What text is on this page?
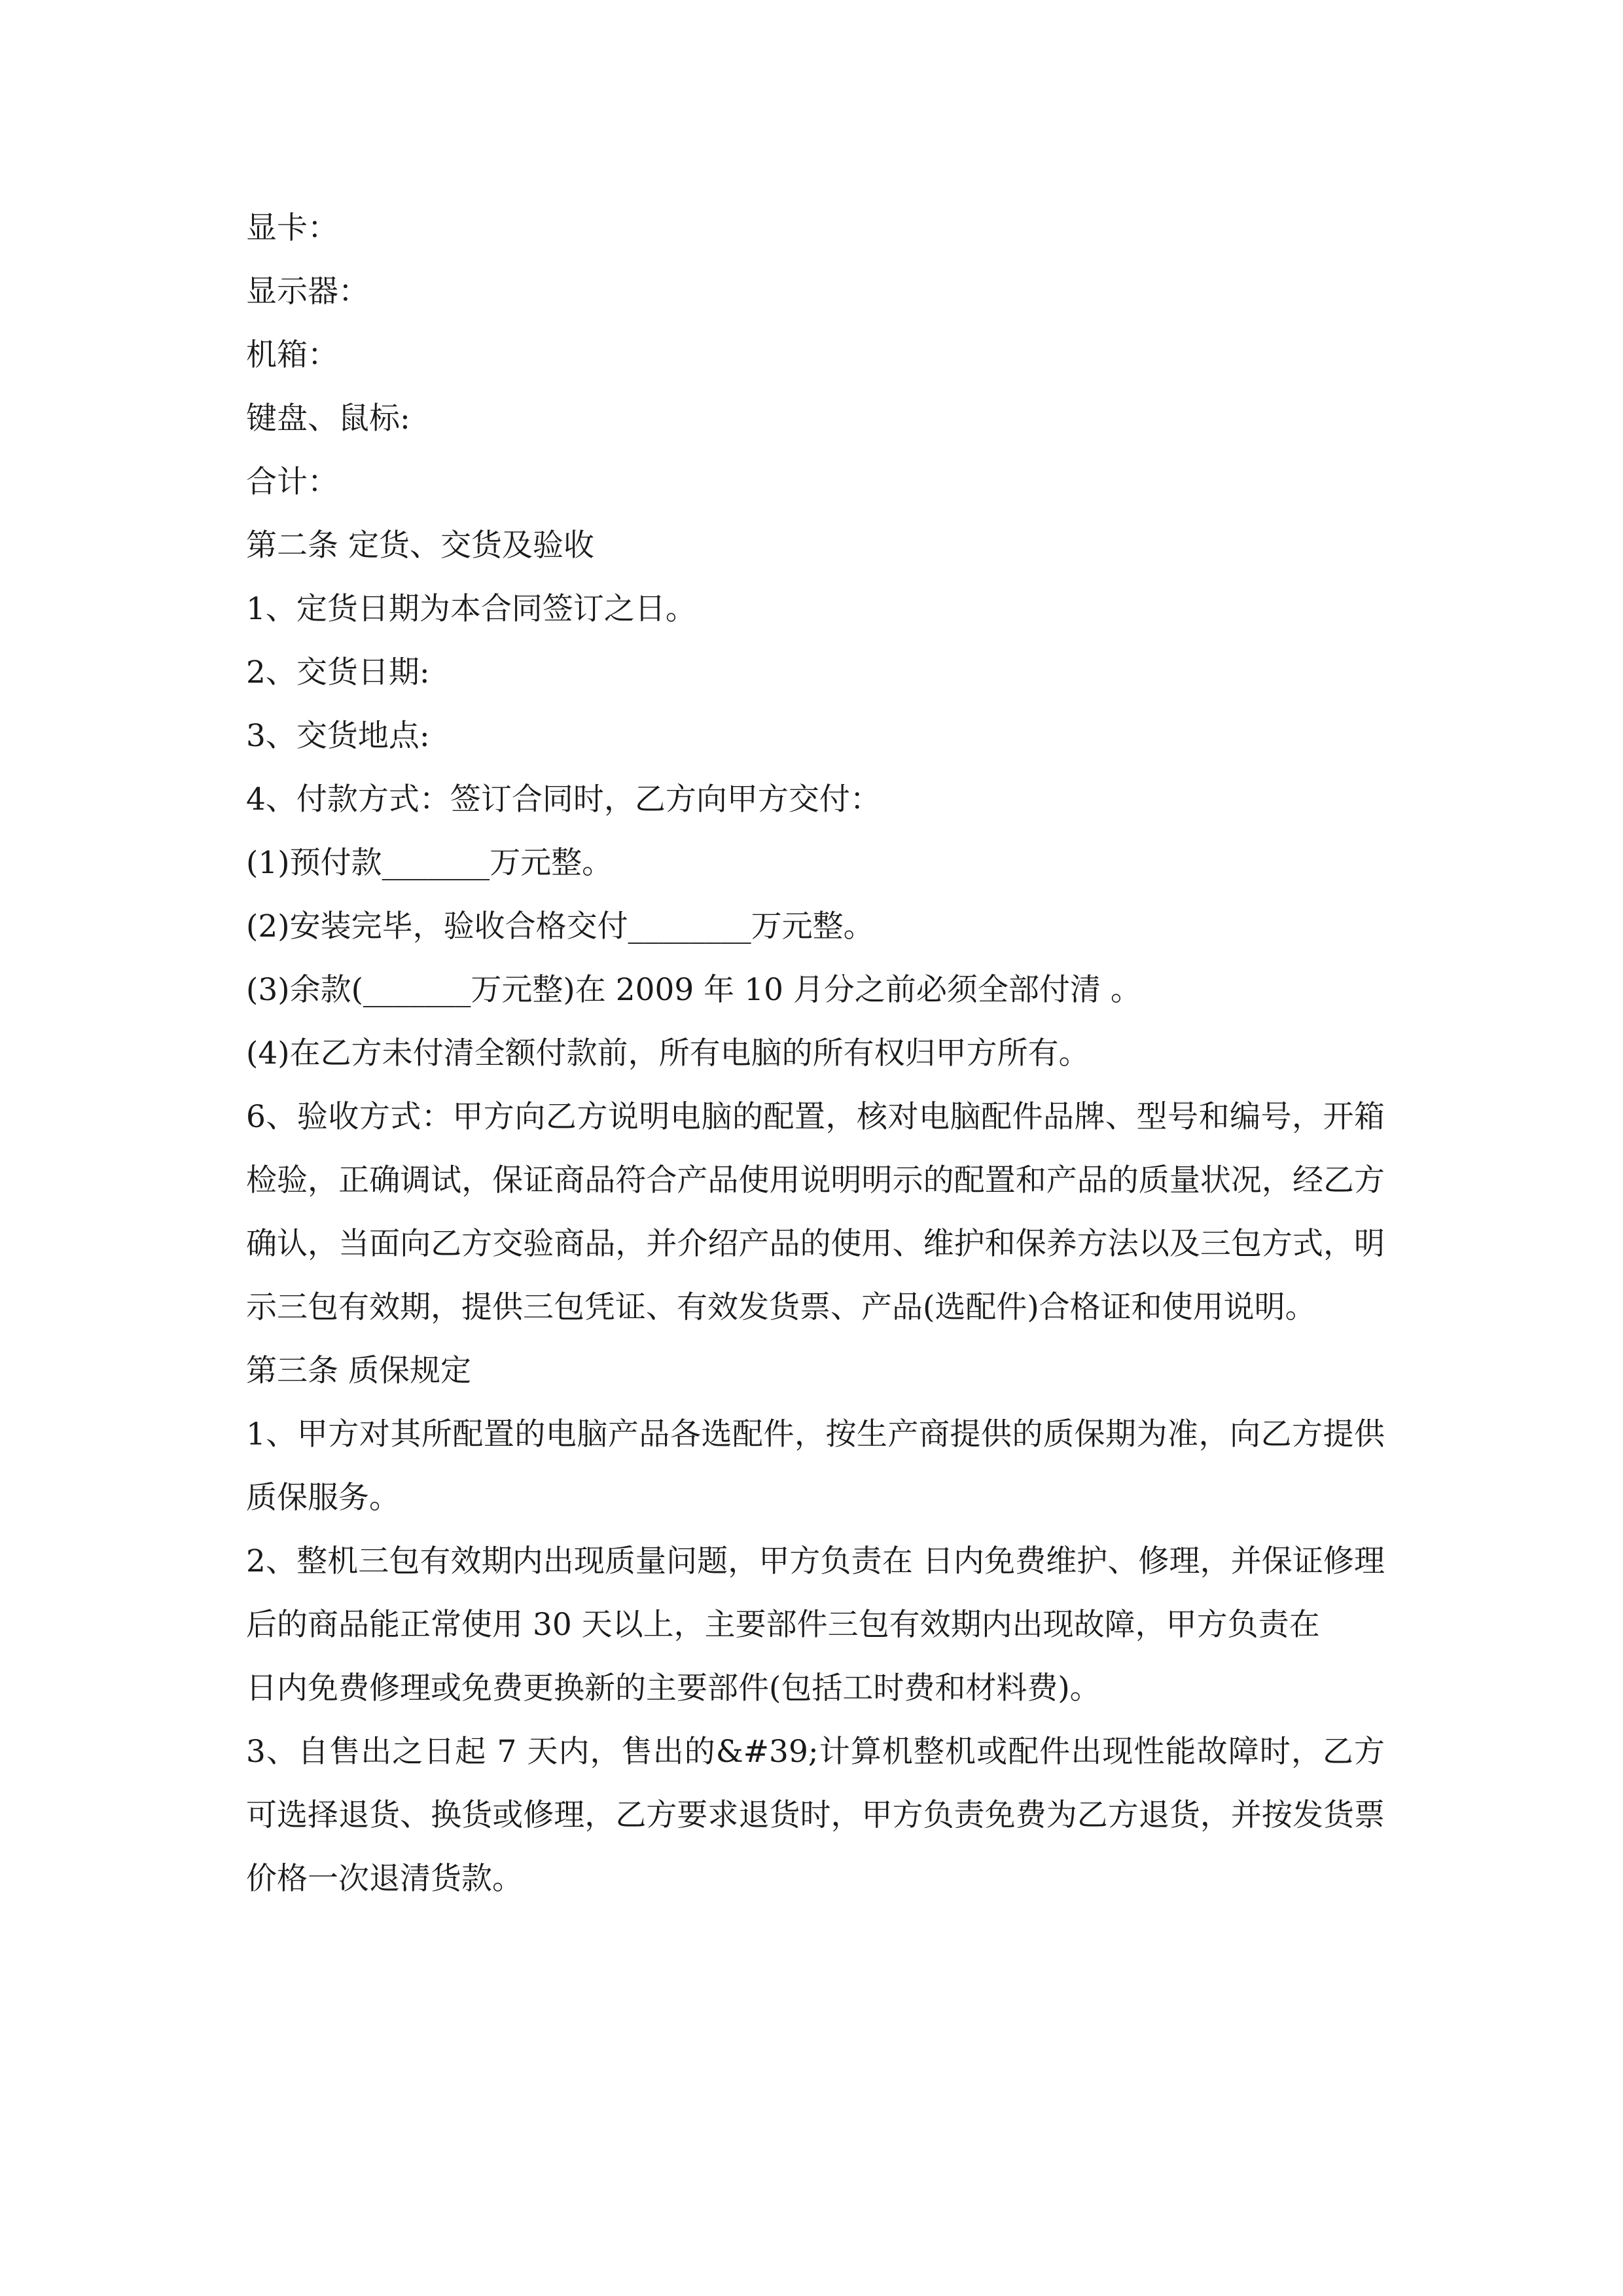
显卡：
显示器：
机箱：
键盘、鼠标:
合计：
第二条 定货、交货及验收
1、定货日期为本合同签订之日。
2、交货日期:
3、交货地点:
4、付款方式：签订合同时，乙方向甲方交付：
(1)预付款_______万元整。
(2)安装完毕，验收合格交付________万元整。
(3)余款(_______万元整)在 2009 年 10 月分之前必须全部付清 。
(4)在乙方未付清全额付款前，所有电脑的所有权归甲方所有。
6、验收方式：甲方向乙方说明电脑的配置，核对电脑配件品牌、型号和编号，开箱检验，正确调试，保证商品符合产品使用说明明示的配置和产品的质量状况，经乙方确认，当面向乙方交验商品，并介绍产品的使用、维护和保养方法以及三包方式，明示三包有效期，提供三包凭证、有效发货票、产品(选配件)合格证和使用说明。
第三条 质保规定
1、甲方对其所配置的电脑产品各选配件，按生产商提供的质保期为准，向乙方提供质保服务。
2、整机三包有效期内出现质量问题，甲方负责在 日内免费维护、修理，并保证修理后的商品能正常使用 30 天以上，主要部件三包有效期内出现故障，甲方负责在
日内免费修理或免费更换新的主要部件(包括工时费和材料费)。
3、自售出之日起 7 天内，售出的&#39;计算机整机或配件出现性能故障时，乙方可选择退货、换货或修理，乙方要求退货时，甲方负责免费为乙方退货，并按发货票价格一次退清货款。
